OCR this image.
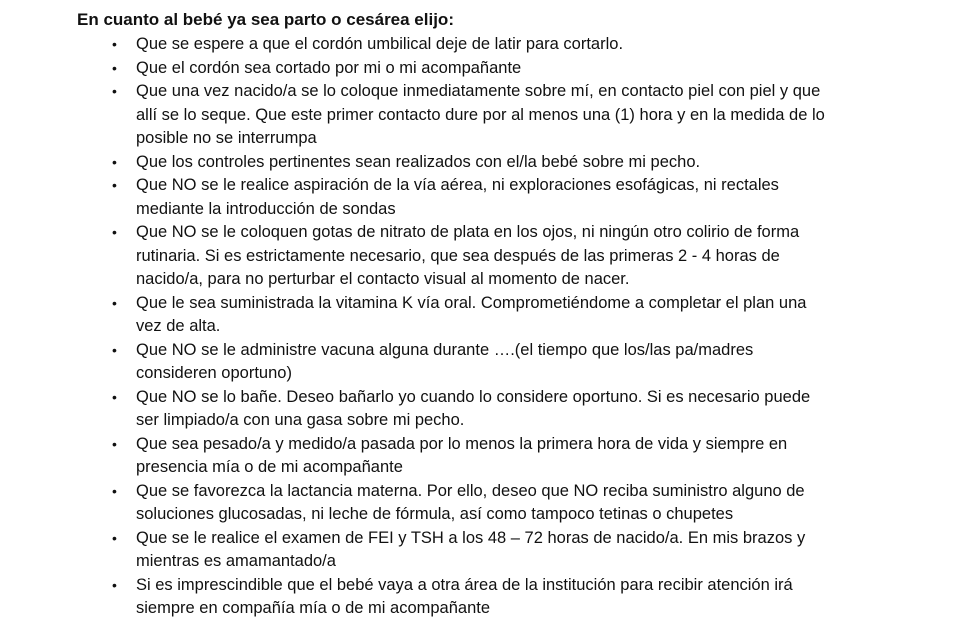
En cuanto al bebé ya sea parto o cesárea elijo:
• Que se espere a que el cordón umbilical deje de latir para cortarlo.
• Que el cordón sea cortado por mi o mi acompañante
• Que una vez nacido/a se lo coloque inmediatamente sobre mí, en contacto piel con piel y que allí se lo seque. Que este primer contacto dure por al menos una (1) hora y en la medida de lo posible no se interrumpa
• Que los controles pertinentes sean realizados con el/la bebé sobre mi pecho.
• Que NO se le realice aspiración de la vía aérea, ni exploraciones esofágicas, ni rectales mediante la introducción de sondas
• Que NO se le coloquen gotas de nitrato de plata en los ojos, ni ningún otro colirio de forma rutinaria. Si es estrictamente necesario, que sea después de las primeras 2 - 4 horas de nacido/a, para no perturbar el contacto visual al momento de nacer.
• Que le sea suministrada la vitamina K vía oral. Comprometiéndome a completar el plan una vez de alta.
• Que NO se le administre vacuna alguna durante ….(el tiempo que los/las pa/madres consideren oportuno)
• Que NO se lo bañe. Deseo bañarlo yo cuando lo considere oportuno. Si es necesario puede ser limpiado/a con una gasa sobre mi pecho.
• Que sea pesado/a y medido/a pasada por lo menos la primera hora de vida y siempre en presencia mía o de mi acompañante
• Que se favorezca la lactancia materna. Por ello, deseo que NO reciba suministro alguno de soluciones glucosadas, ni leche de fórmula, así como tampoco tetinas o chupetes
• Que se le realice el examen de FEI y TSH a los 48 – 72 horas de nacido/a. En mis brazos y mientras es amamantado/a
• Si es imprescindible que el bebé vaya a otra área de la institución para recibir atención irá siempre en compañía mía o de mi acompañante
